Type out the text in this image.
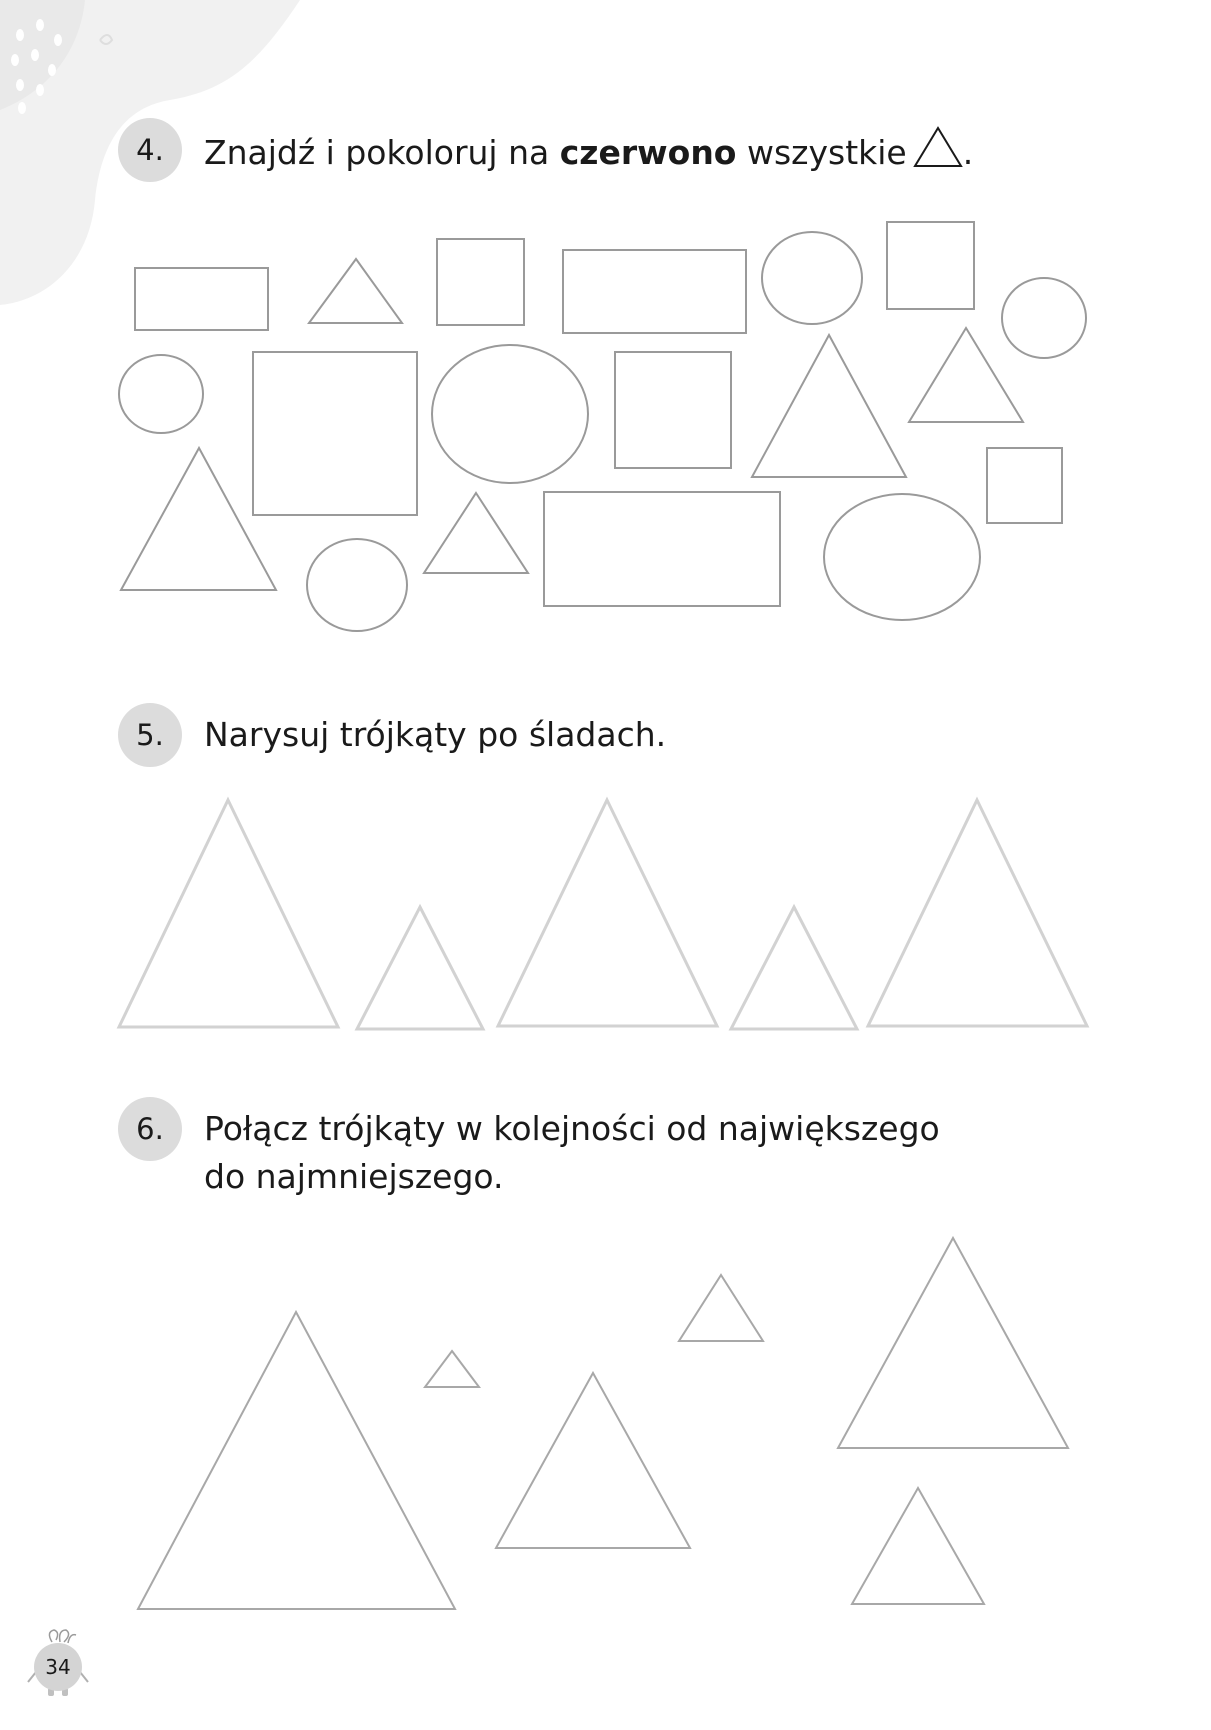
4.	Znajdź i pokoloruj na czerwono wszystkie .
5.	Narysuj trójkąty po śladach.
6.	Połącz trójkąty w kolejności od największego
do najmniejszego.
34
